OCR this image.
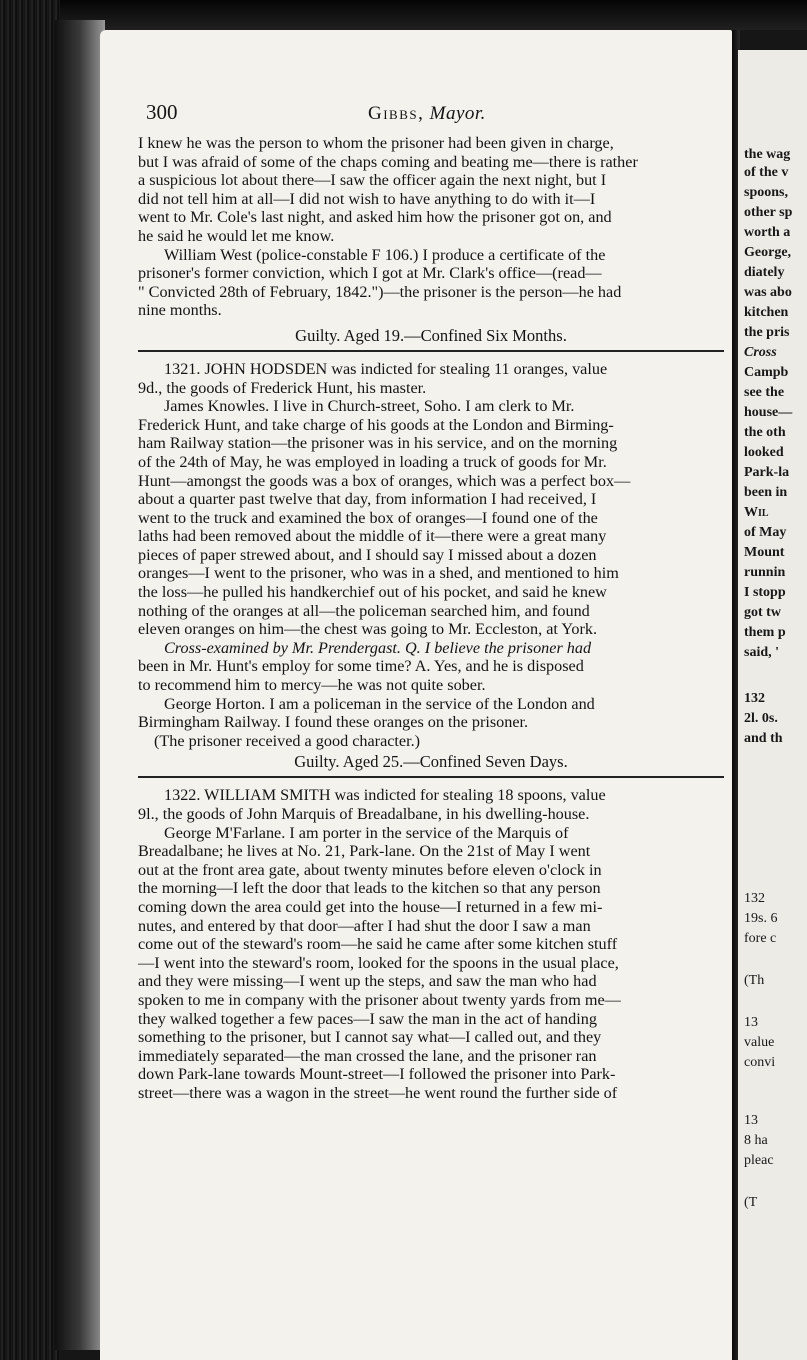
300	Gibbs, Mayor.

I knew he was the person to whom the prisoner had been given in charge,
but I was afraid of some of the chaps coming and beating me—there is rather
a suspicious lot about there—I saw the officer again the next night, but I
did not tell him at all—I did not wish to have anything to do with it—I
went to Mr. Cole's last night, and asked him how the prisoner got on, and
he said he would let me know.

William West (police-constable F 106.) I produce a certificate of the
prisoner's former conviction, which I got at Mr. Clark's office—(read—
" Convicted 28th of February, 1842.")—the prisoner is the person—he had
nine months.

Guilty. Aged 19.—Confined Six Months.

1321. JOHN HODSDEN was indicted for stealing 11 oranges, value
9d., the goods of Frederick Hunt, his master.

James Knowles. I live in Church-street, Soho. I am clerk to Mr.
Frederick Hunt, and take charge of his goods at the London and Birming-
ham Railway station—the prisoner was in his service, and on the morning
of the 24th of May, he was employed in loading a truck of goods for Mr.
Hunt—amongst the goods was a box of oranges, which was a perfect box—
about a quarter past twelve that day, from information I had received, I
went to the truck and examined the box of oranges—I found one of the
laths had been removed about the middle of it—there were a great many
pieces of paper strewed about, and I should say I missed about a dozen
oranges—I went to the prisoner, who was in a shed, and mentioned to him
the loss—he pulled his handkerchief out of his pocket, and said he knew
nothing of the oranges at all—the policeman searched him, and found
eleven oranges on him—the chest was going to Mr. Eccleston, at York.

Cross-examined by Mr. Prendergast. Q. I believe the prisoner had
been in Mr. Hunt's employ for some time? A. Yes, and he is disposed
to recommend him to mercy—he was not quite sober.

George Horton. I am a policeman in the service of the London and
Birmingham Railway. I found these oranges on the prisoner.

(The prisoner received a good character.)

Guilty. Aged 25.—Confined Seven Days.

1322. WILLIAM SMITH was indicted for stealing 18 spoons, value
9l., the goods of John Marquis of Breadalbane, in his dwelling-house.

George M'Farlane. I am porter in the service of the Marquis of
Breadalbane; he lives at No. 21, Park-lane. On the 21st of May I went
out at the front area gate, about twenty minutes before eleven o'clock in
the morning—I left the door that leads to the kitchen so that any person
coming down the area could get into the house—I returned in a few mi-
nutes, and entered by that door—after I had shut the door I saw a man
come out of the steward's room—he said he came after some kitchen stuff
—I went into the steward's room, looked for the spoons in the usual place,
and they were missing—I went up the steps, and saw the man who had
spoken to me in company with the prisoner about twenty yards from me—
they walked together a few paces—I saw the man in the act of handing
something to the prisoner, but I cannot say what—I called out, and they
immediately separated—the man crossed the lane, and the prisoner ran
down Park-lane towards Mount-street—I followed the prisoner into Park-
street—there was a wagon in the street—he went round the further side of

the wag
of the v
spoons,
other sp
worth a
George,
diately
was abo
kitchen
the pris
Cross
Campb
see the
house—
the oth
looked
Park-la
been in
Wil
of May
Mount
runnin
I stopp
got tw
them p
said, '
132
2l. 0s.
and th
132
19s. 6
fore c
(Th
13
value
convi
13
8 ha
pleac
(T
